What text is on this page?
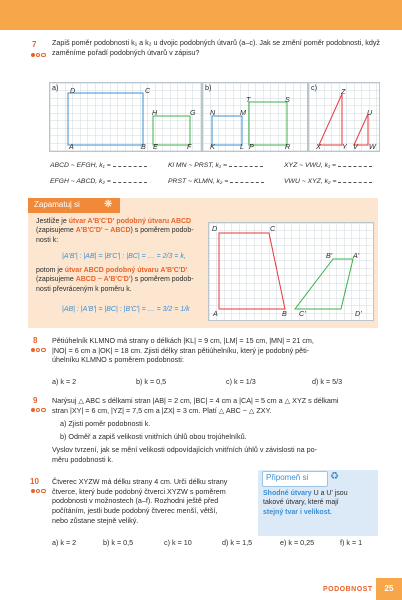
7 Zapiš poměr podobnosti k₁ a k₂ u dvojic podobných útvarů (a–c). Jak se změní poměr podobnosti, když zaměníme pořadí podobných útvarů v zápisu?
a) D	C
H	G
A	B E	F
b)
T	S
N	M
K	L P	R
c)	Z
U
X	Y V W
ABCD ~ EFGH, k₁ =
EFGH ~ ABCD, k₂ =
Kl MN ~ PRST, k₁ =
PRST ~ KLMN, k₂ =
XYZ ~ VWU, k₁ =
VWU ~ XYZ, k₂ =
Zapamatuj si ❋
Jestliže je útvar A'B'C'D' podobný útvaru ABCD
(zapisujeme A'B'C'D' ~ ABCD) s poměrem podob-
nosti k:
|A'B'| : |AB| = |B'C'| : |BC| = … = 2/3 = k,
potom je útvar ABCD podobný útvaru A'B'C'D'
(zapisujeme ABCD ~ A'B'C'D') s poměrem podob-
nosti převráceným k poměru k.
|AB| : |A'B'| = |BC| : |B'C'| = … = 3/2 = 1/k
D	C
B'	A'
A	B C'	D'
8 Pětiúhelník KLMNO má strany o délkách |KL| = 9 cm, |LM| = 15 cm, |MN| = 21 cm,
|NO| = 6 cm a |OK| = 18 cm. Zjisti délky stran pětiúhelníku, který je podobný pěti-
úhelníku KLMNO s poměrem podobnosti:
a) k = 2	b) k = 0,5	c) k = 1/3	d) k = 5/3
9 Narýsuj △ ABC s délkami stran |AB| = 2 cm, |BC| = 4 cm a |CA| = 5 cm a △ XYZ s délkami
stran |XY| = 6 cm, |YZ| = 7,5 cm a |ZX| = 3 cm. Platí △ ABC ~ △ ZXY.
a) Zjisti poměr podobnosti k.
b) Odměř a zapiš velikosti vnitřních úhlů obou trojúhelníků.
Vyslov tvrzení, jak se mění velikosti odpovídajících vnitřních úhlů v závislosti na po-
měru podobnosti k.
10 Čtverec XYZW má délku strany 4 cm. Urči délku strany
čtverce, který bude podobný čtverci XYZW s poměrem
podobnosti v možnostech (a–f). Rozhodni ještě před
počítáním, jestli bude podobný čtverec menší, větší,
nebo zůstane stejně veliký.
a) k = 2	b) k = 0,5	c) k = 10	d) k = 1,5	e) k = 0,25	f) k = 1
Připomeň si ♻
Shodné útvary U a U' jsou
takové útvary, které mají
stejný tvar i velikost.
PODOBNOST	25
